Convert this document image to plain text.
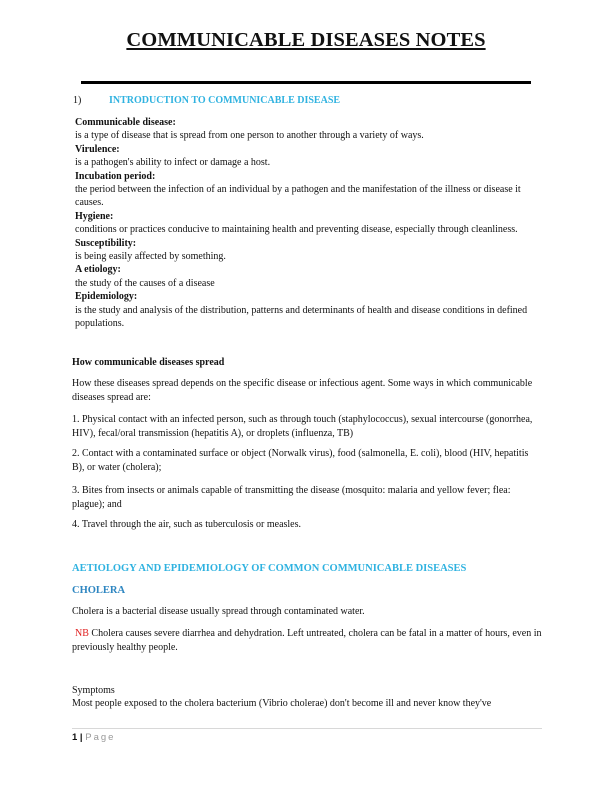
COMMUNICABLE DISEASES NOTES
1)	INTRODUCTION TO COMMUNICABLE DISEASE
Communicable disease:
is a type of disease that is spread from one person to another through a variety of ways.
Virulence:
is a pathogen's ability to infect or damage a host.
Incubation period:
the period between the infection of an individual by a pathogen and the manifestation of the illness or disease it causes.
Hygiene:
conditions or practices conducive to maintaining health and preventing disease, especially through cleanliness.
Susceptibility:
is being easily affected by something.
A etiology:
the study of the causes of a disease
Epidemiology:
is the study and analysis of the distribution, patterns and determinants of health and disease conditions in defined populations.
How communicable diseases spread
How these diseases spread depends on the specific disease or infectious agent. Some ways in which communicable diseases spread are:
1. Physical contact with an infected person, such as through touch (staphylococcus), sexual intercourse (gonorrhea, HIV), fecal/oral transmission (hepatitis A), or droplets (influenza, TB)
2. Contact with a contaminated surface or object (Norwalk virus), food (salmonella, E. coli), blood (HIV, hepatitis B), or water (cholera);
3. Bites from insects or animals capable of transmitting the disease (mosquito: malaria and yellow fever; flea: plague); and
4. Travel through the air, such as tuberculosis or measles.
AETIOLOGY AND EPIDEMIOLOGY OF COMMON COMMUNICABLE DISEASES
CHOLERA
Cholera is a bacterial disease usually spread through contaminated water.
NB Cholera causes severe diarrhea and dehydration. Left untreated, cholera can be fatal in a matter of hours, even in previously healthy people.
Symptoms
Most people exposed to the cholera bacterium (Vibrio cholerae) don't become ill and never know they've
1 | Page
